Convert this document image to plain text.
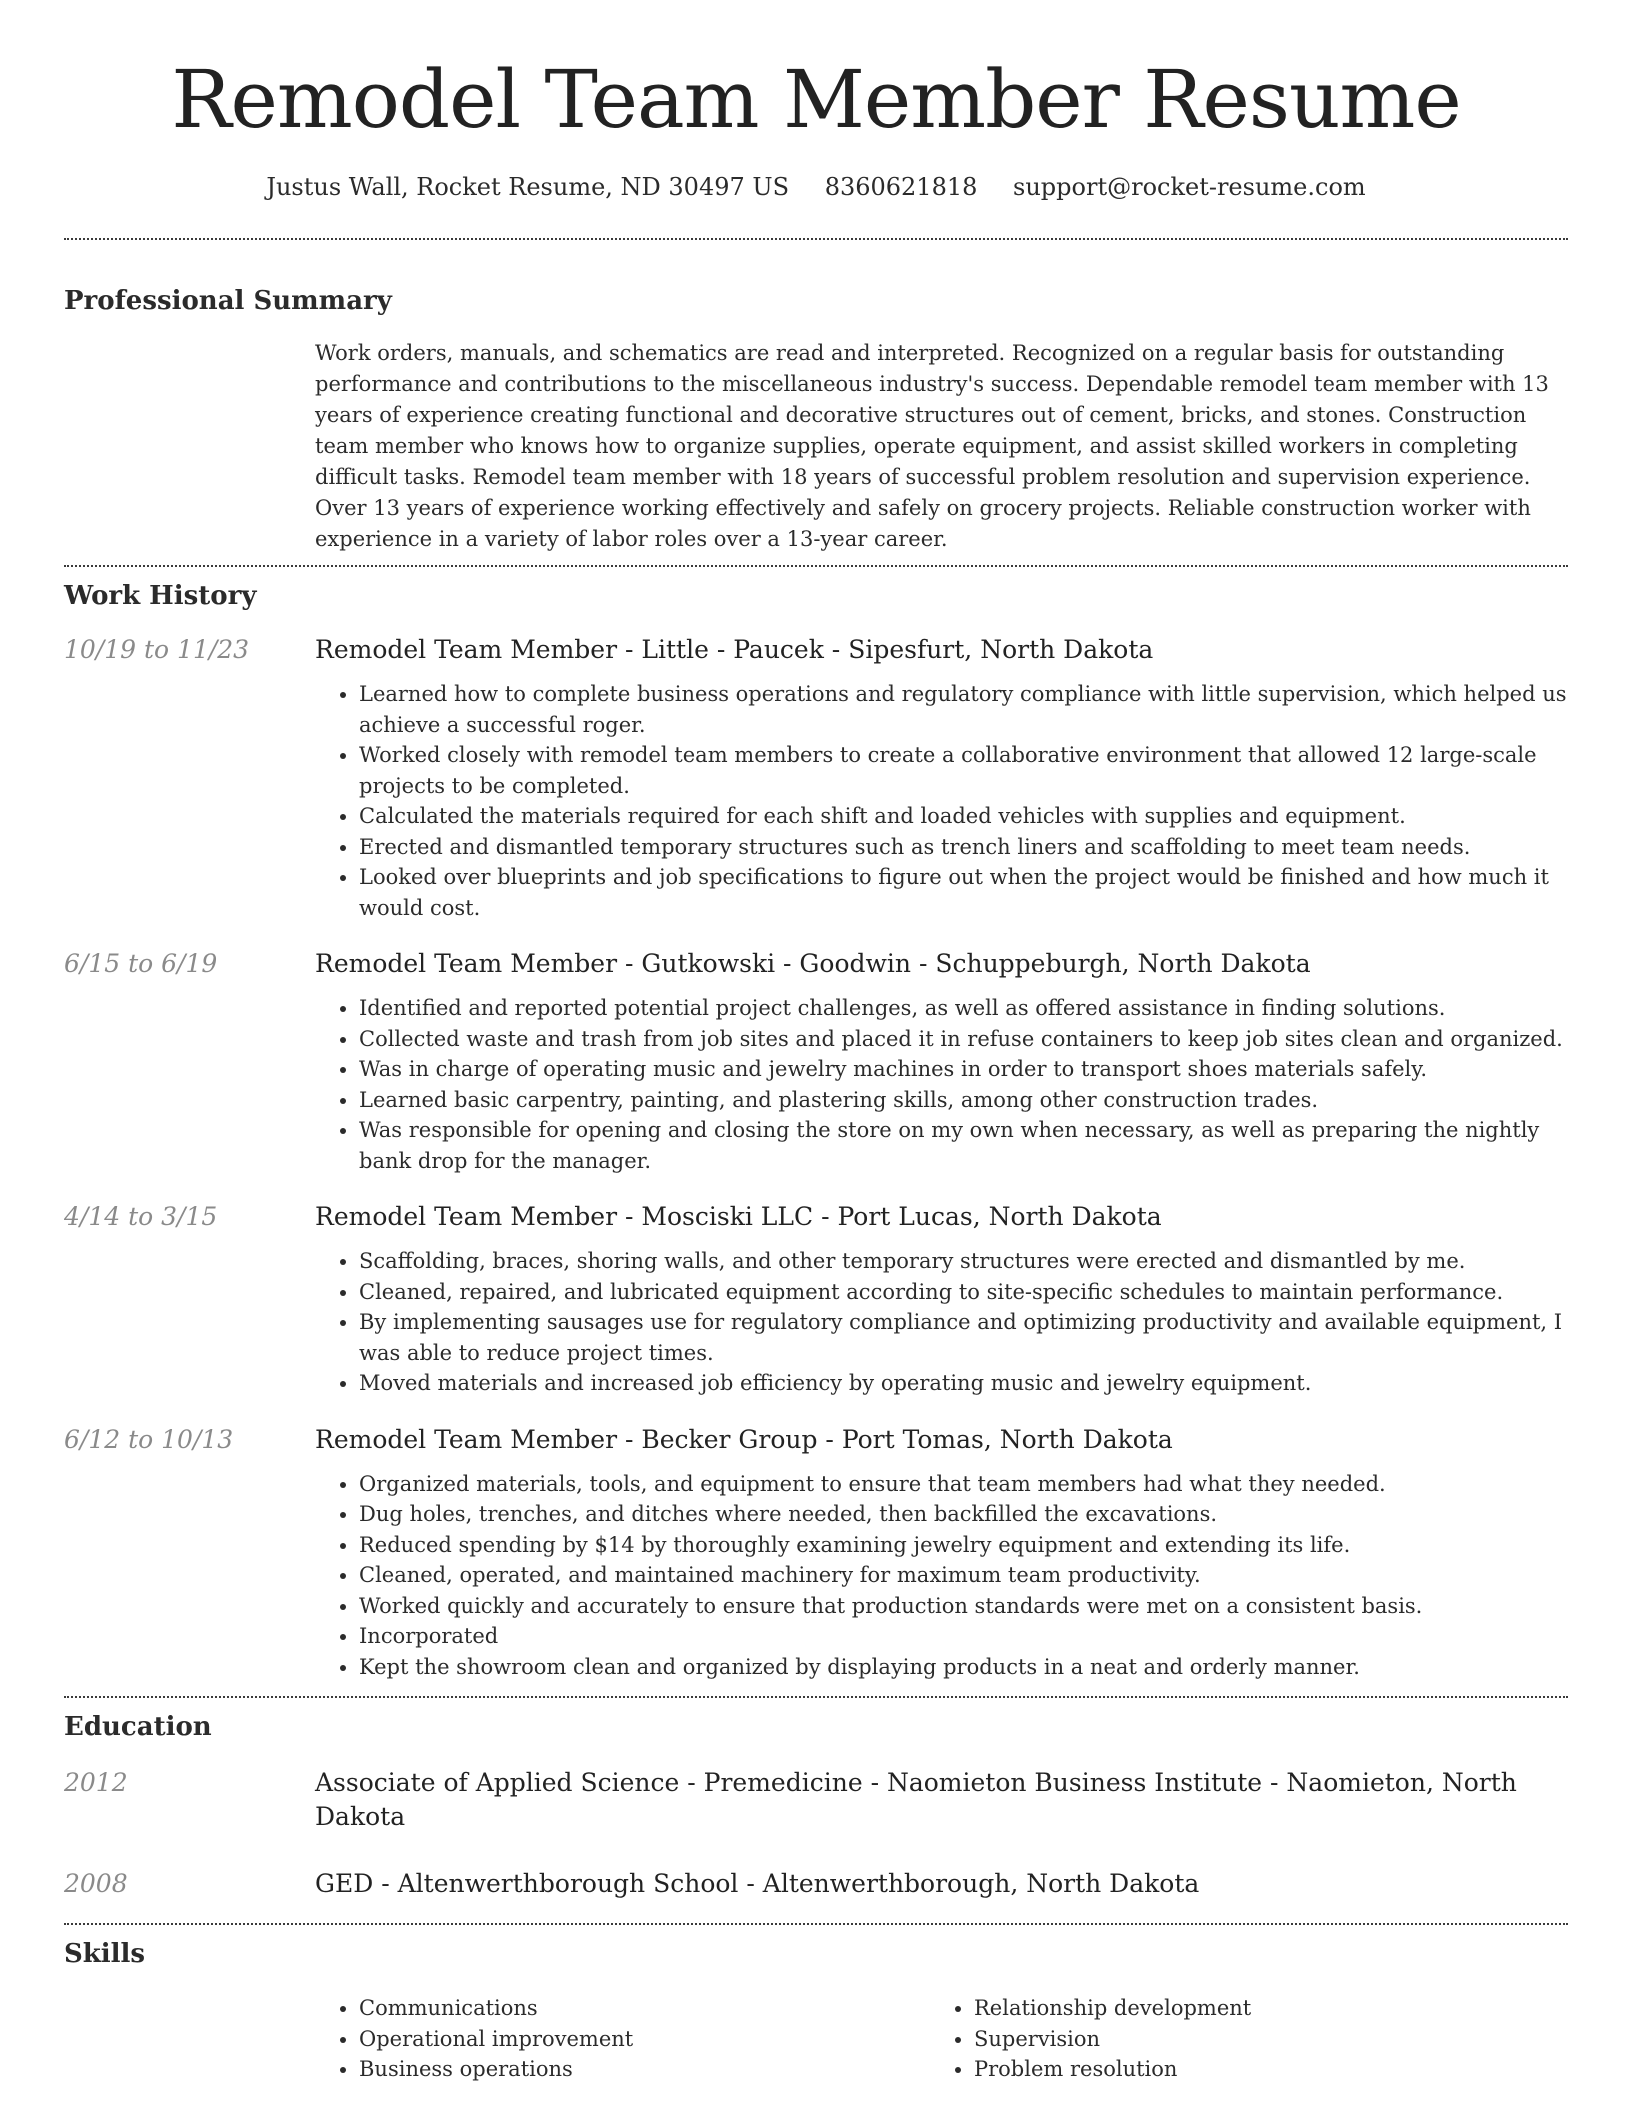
Remodel Team Member Resume
Justus Wall, Rocket Resume, ND 30497 US 8360621818 support@rocket-resume.com
Professional Summary

Work orders, manuals, and schematics are read and interpreted. Recognized on a regular basis for outstanding performance and contributions to the miscellaneous industry's success. Dependable remodel team member with 13 years of experience creating functional and decorative structures out of cement, bricks, and stones. Construction team member who knows how to organize supplies, operate equipment, and assist skilled workers in completing difficult tasks. Remodel team member with 18 years of successful problem resolution and supervision experience. Over 13 years of experience working effectively and safely on grocery projects. Reliable construction worker with experience in a variety of labor roles over a 13-year career.

Work History
10/19 to 11/23	Remodel Team Member - Little - Paucek - Sipesfurt, North Dakota
• Learned how to complete business operations and regulatory compliance with little supervision, which helped us achieve a successful roger.
• Worked closely with remodel team members to create a collaborative environment that allowed 12 large-scale projects to be completed.
• Calculated the materials required for each shift and loaded vehicles with supplies and equipment.
• Erected and dismantled temporary structures such as trench liners and scaffolding to meet team needs.
• Looked over blueprints and job specifications to figure out when the project would be finished and how much it would cost.
6/15 to 6/19	Remodel Team Member - Gutkowski - Goodwin - Schuppeburgh, North Dakota
• Identified and reported potential project challenges, as well as offered assistance in finding solutions.
• Collected waste and trash from job sites and placed it in refuse containers to keep job sites clean and organized.
• Was in charge of operating music and jewelry machines in order to transport shoes materials safely.
• Learned basic carpentry, painting, and plastering skills, among other construction trades.
• Was responsible for opening and closing the store on my own when necessary, as well as preparing the nightly bank drop for the manager.
4/14 to 3/15	Remodel Team Member - Mosciski LLC - Port Lucas, North Dakota
• Scaffolding, braces, shoring walls, and other temporary structures were erected and dismantled by me.
• Cleaned, repaired, and lubricated equipment according to site-specific schedules to maintain performance.
• By implementing sausages use for regulatory compliance and optimizing productivity and available equipment, I was able to reduce project times.
• Moved materials and increased job efficiency by operating music and jewelry equipment.
6/12 to 10/13	Remodel Team Member - Becker Group - Port Tomas, North Dakota
• Organized materials, tools, and equipment to ensure that team members had what they needed.
• Dug holes, trenches, and ditches where needed, then backfilled the excavations.
• Reduced spending by $14 by thoroughly examining jewelry equipment and extending its life.
• Cleaned, operated, and maintained machinery for maximum team productivity.
• Worked quickly and accurately to ensure that production standards were met on a consistent basis.
• Incorporated
• Kept the showroom clean and organized by displaying products in a neat and orderly manner.
Education
2012	Associate of Applied Science - Premedicine - Naomieton Business Institute - Naomieton, North Dakota
2008	GED - Altenwerthborough School - Altenwerthborough, North Dakota
Skills
• Communications
• Operational improvement
• Business operations
• Relationship development
• Supervision
• Problem resolution
